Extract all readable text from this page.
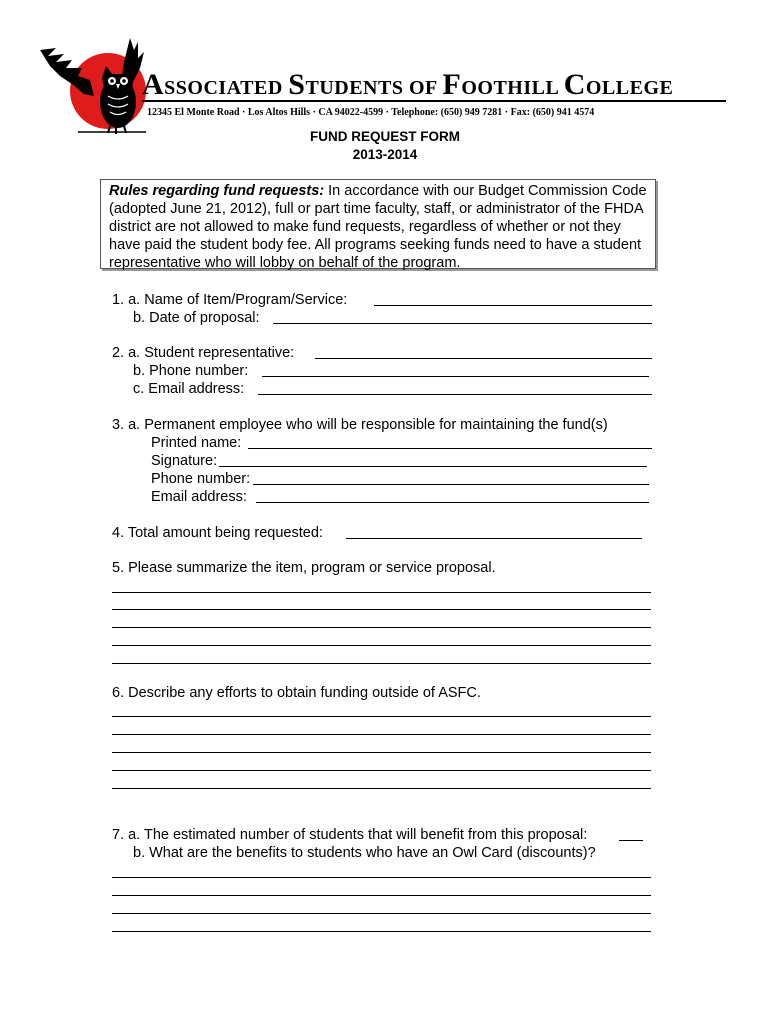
ASSOCIATED STUDENTS OF FOOTHILL COLLEGE
12345 El Monte Road · Los Altos Hills · CA 94022-4599 · Telephone: (650) 949 7281 · Fax: (650) 941 4574
FUND REQUEST FORM
2013-2014
Rules regarding fund requests: In accordance with our Budget Commission Code (adopted June 21, 2012), full or part time faculty, staff, or administrator of the FHDA district are not allowed to make fund requests, regardless of whether or not they have paid the student body fee. All programs seeking funds need to have a student representative who will lobby on behalf of the program.
1. a. Name of Item/Program/Service:
b. Date of proposal:
2. a. Student representative:
b. Phone number:
c. Email address:
3. a. Permanent employee who will be responsible for maintaining the fund(s)
Printed name:
Signature:
Phone number:
Email address:
4. Total amount being requested:
5. Please summarize the item, program or service proposal.
6. Describe any efforts to obtain funding outside of ASFC.
7. a. The estimated number of students that will benefit from this proposal:
b. What are the benefits to students who have an Owl Card (discounts)?
